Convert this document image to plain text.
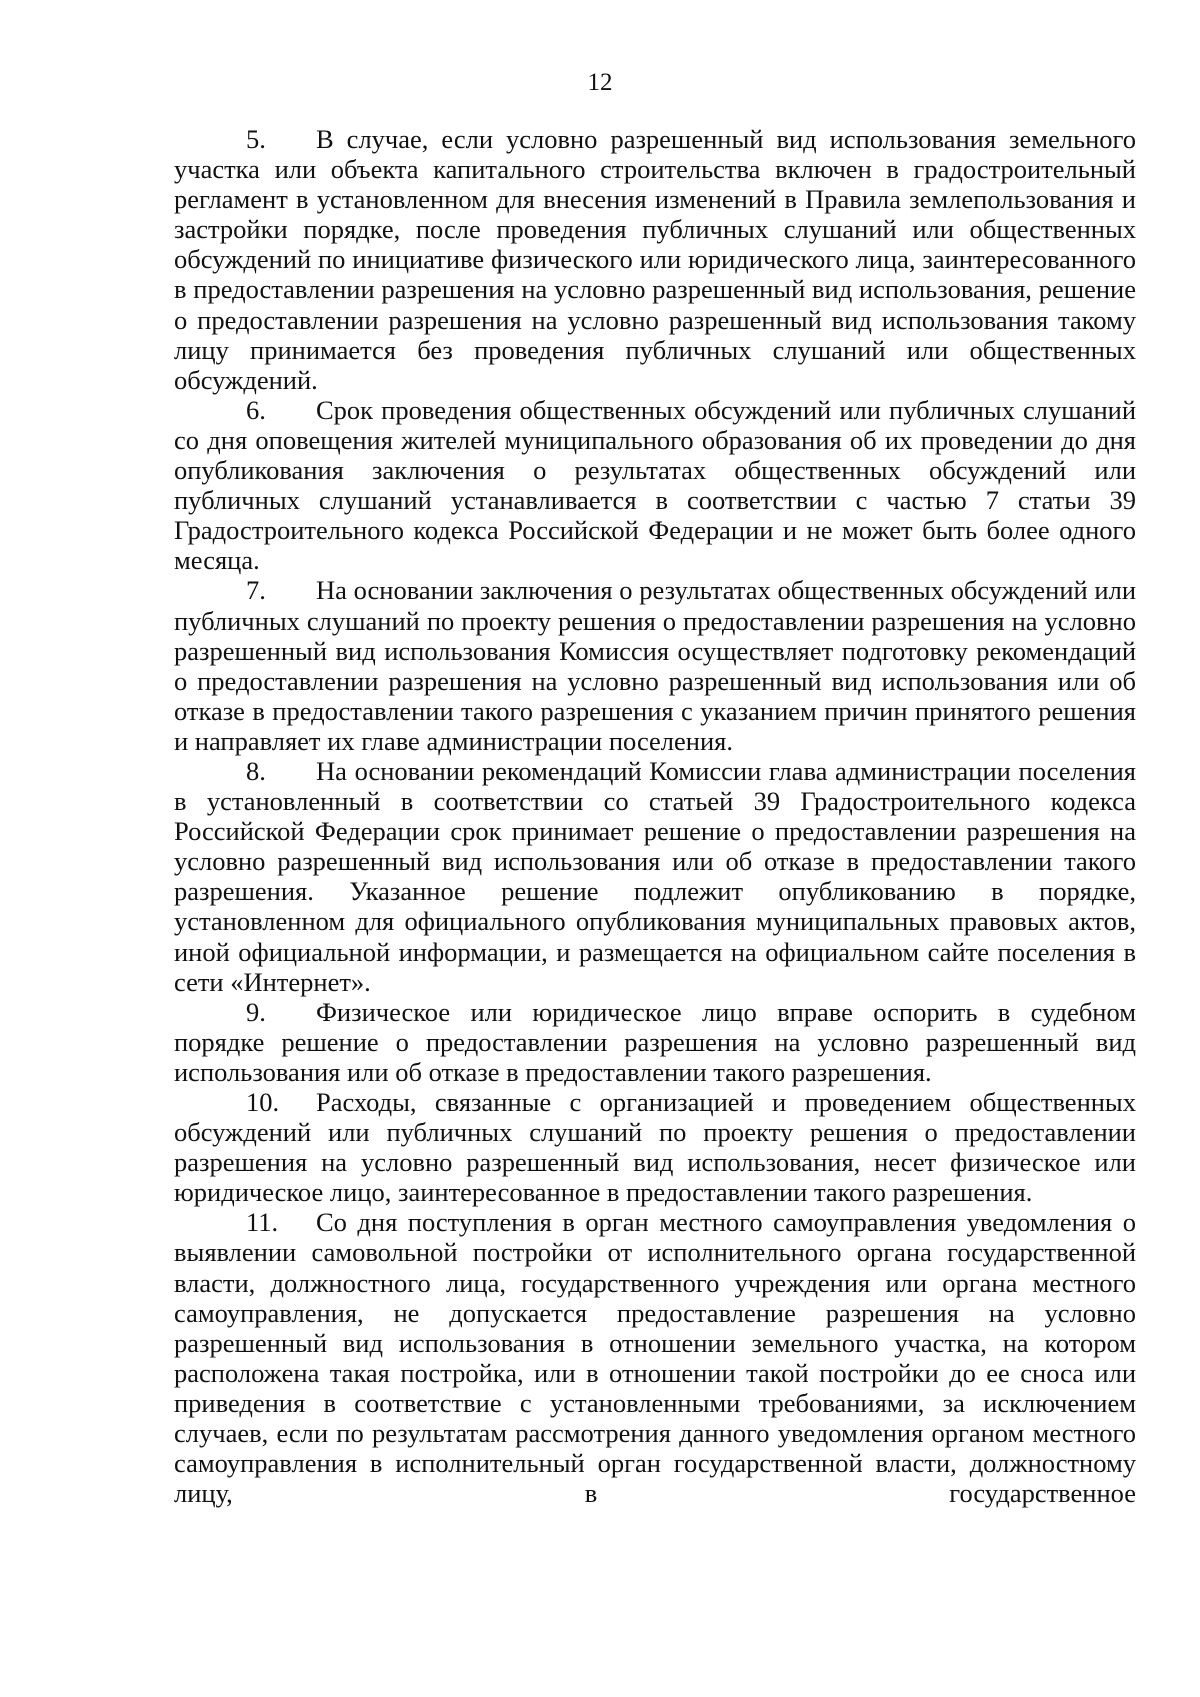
12

5. В случае, если условно разрешенный вид использования земельного участка или объекта капитального строительства включен в градостроительный регламент в установленном для внесения изменений в Правила землепользования и застройки порядке, после проведения публичных слушаний или общественных обсуждений по инициативе физического или юридического лица, заинтересованного в предоставлении разрешения на условно разрешенный вид использования, решение о предоставлении разрешения на условно разрешенный вид использования такому лицу принимается без проведения публичных слушаний или общественных обсуждений.

6. Срок проведения общественных обсуждений или публичных слушаний со дня оповещения жителей муниципального образования об их проведении до дня опубликования заключения о результатах общественных обсуждений или публичных слушаний устанавливается в соответствии с частью 7 статьи 39 Градостроительного кодекса Российской Федерации и не может быть более одного месяца.

7. На основании заключения о результатах общественных обсуждений или публичных слушаний по проекту решения о предоставлении разрешения на условно разрешенный вид использования Комиссия осуществляет подготовку рекомендаций о предоставлении разрешения на условно разрешенный вид использования или об отказе в предоставлении такого разрешения с указанием причин принятого решения и направляет их главе администрации поселения.

8. На основании рекомендаций Комиссии глава администрации поселения в установленный в соответствии со статьей 39 Градостроительного кодекса Российской Федерации срок принимает решение о предоставлении разрешения на условно разрешенный вид использования или об отказе в предоставлении такого разрешения. Указанное решение подлежит опубликованию в порядке, установленном для официального опубликования муниципальных правовых актов, иной официальной информации, и размещается на официальном сайте поселения в сети «Интернет».

9. Физическое или юридическое лицо вправе оспорить в судебном порядке решение о предоставлении разрешения на условно разрешенный вид использования или об отказе в предоставлении такого разрешения.

10. Расходы, связанные с организацией и проведением общественных обсуждений или публичных слушаний по проекту решения о предоставлении разрешения на условно разрешенный вид использования, несет физическое или юридическое лицо, заинтересованное в предоставлении такого разрешения.

11. Со дня поступления в орган местного самоуправления уведомления о выявлении самовольной постройки от исполнительного органа государственной власти, должностного лица, государственного учреждения или органа местного самоуправления, не допускается предоставление разрешения на условно разрешенный вид использования в отношении земельного участка, на котором расположена такая постройка, или в отношении такой постройки до ее сноса или приведения в соответствие с установленными требованиями, за исключением случаев, если по результатам рассмотрения данного уведомления органом местного самоуправления в исполнительный орган государственной власти, должностному лицу, в государственное
